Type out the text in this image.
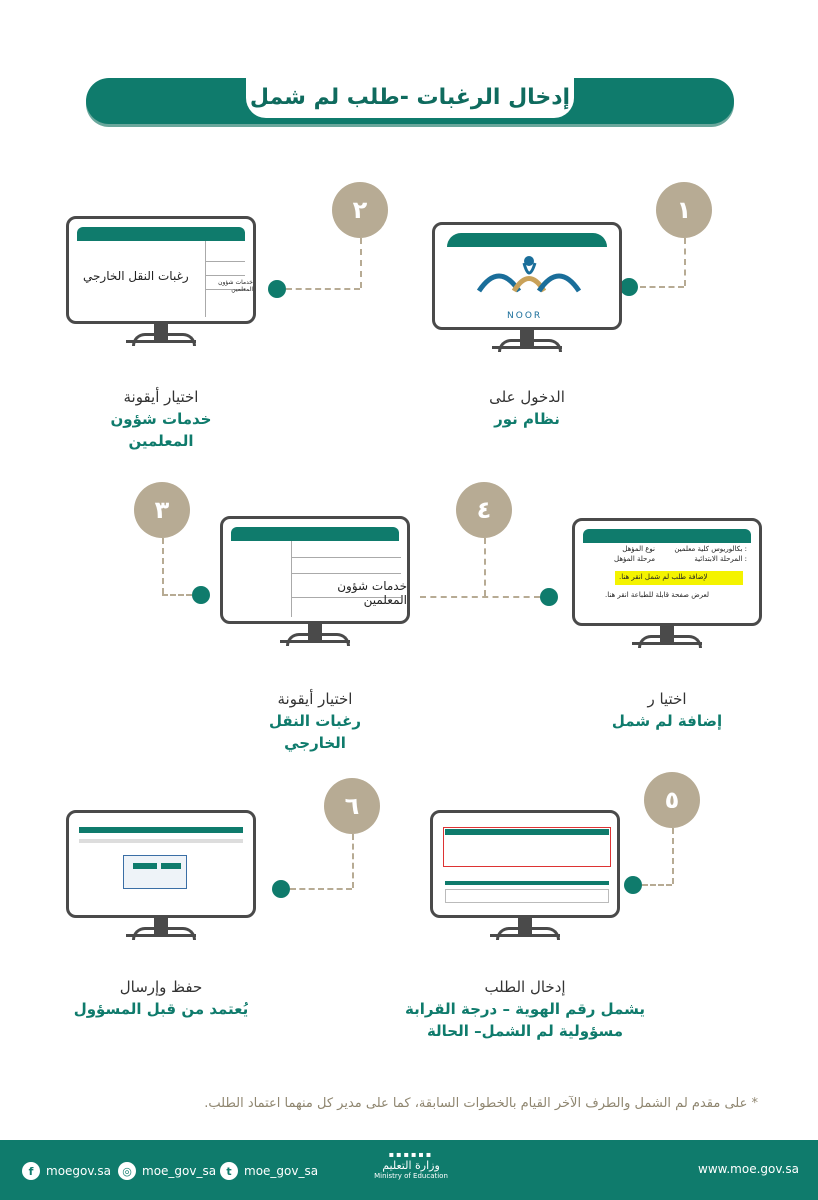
إدخال الرغبات -طلب لم شمل
١
NOOR
الدخول على
نظام نور
٢
رغبات النقل الخارجي	خدمات شؤون المعلمين
اختيار أيقونة
خدمات شؤون
المعلمين
٣
خدمات شؤون المعلمين
اختيار أيقونة
رغبات النقل
الخارجي
٤
نوع المؤهل	: بكالوريوس كلية معلمين
مرحلة المؤهل	: المرحلة الابتدائية
لإضافة طلب لم شمل انقر هنا.
لعرض صفحة قابلة للطباعة انقر هنا.
اختيا ر
إضافة لم شمل
٥
إدخال الطلب
يشمل رقم الهوية – درجة القرابة
مسؤولية لم الشمل– الحالة
٦
حفظ وإرسال
يُعتمد من قبل المسؤول
* على مقدم لم الشمل والطرف الآخر القيام بالخطوات السابقة، كما على مدير كل منهما اعتماد الطلب.
f	moegov.sa	◎ moe_gov_sa t	moe_gov_sa
▪▪▪▪▪▪
وزارة التعليم
Ministry of Education	www.moe.gov.sa
